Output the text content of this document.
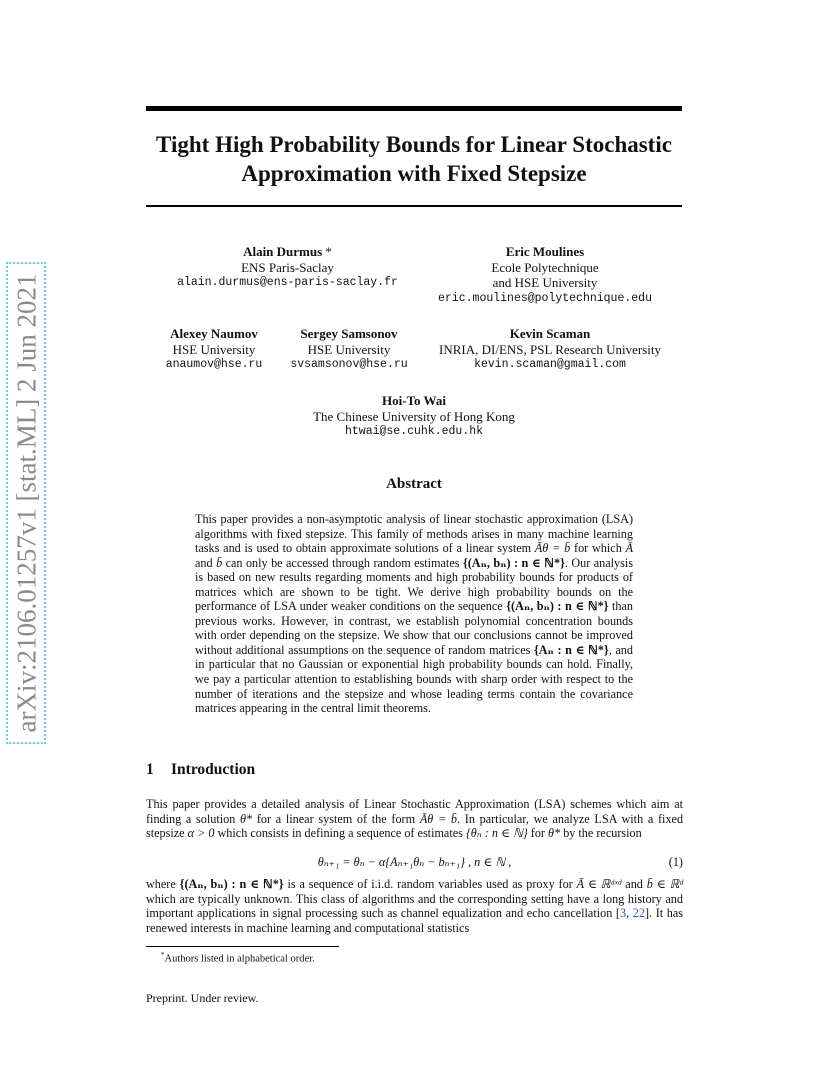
arXiv:2106.01257v1 [stat.ML] 2 Jun 2021
Tight High Probability Bounds for Linear Stochastic
Approximation with Fixed Stepsize
Alain Durmus *
ENS Paris-Saclay
alain.durmus@ens-paris-saclay.fr
Eric Moulines
Ecole Polytechnique
and HSE University
eric.moulines@polytechnique.edu
Alexey Naumov
HSE University
anaumov@hse.ru
Sergey Samsonov
HSE University
svsamsonov@hse.ru
Kevin Scaman
INRIA, DI/ENS, PSL Research University
kevin.scaman@gmail.com
Hoi-To Wai
The Chinese University of Hong Kong
htwai@se.cuhk.edu.hk
Abstract
This paper provides a non-asymptotic analysis of linear stochastic approximation (LSA) algorithms with fixed stepsize. This family of methods arises in many machine learning tasks and is used to obtain approximate solutions of a linear system Āθ = b̄ for which Ā and b̄ can only be accessed through random estimates {(Aₙ, bₙ) : n ∈ ℕ*}. Our analysis is based on new results regarding moments and high probability bounds for products of matrices which are shown to be tight. We derive high probability bounds on the performance of LSA under weaker conditions on the sequence {(Aₙ, bₙ) : n ∈ ℕ*} than previous works. However, in contrast, we establish polynomial concentration bounds with order depending on the stepsize. We show that our conclusions cannot be improved without additional assumptions on the sequence of random matrices {Aₙ : n ∈ ℕ*}, and in particular that no Gaussian or exponential high probability bounds can hold. Finally, we pay a particular attention to establishing bounds with sharp order with respect to the number of iterations and the stepsize and whose leading terms contain the covariance matrices appearing in the central limit theorems.
1 Introduction
This paper provides a detailed analysis of Linear Stochastic Approximation (LSA) schemes which aim at finding a solution θ* for a linear system of the form Āθ = b̄. In particular, we analyze LSA with a fixed stepsize α > 0 which consists in defining a sequence of estimates {θₙ : n ∈ ℕ} for θ* by the recursion
θₙ₊₁ = θₙ − α{Aₙ₊₁θₙ − bₙ₊₁} , n ∈ ℕ ,	(1)
where {(Aₙ, bₙ) : n ∈ ℕ*} is a sequence of i.i.d. random variables used as proxy for Ā ∈ ℝᵈˣᵈ and b̄ ∈ ℝᵈ which are typically unknown. This class of algorithms and the corresponding setting have a long history and important applications in signal processing such as channel equalization and echo cancellation [3, 22]. It has renewed interests in machine learning and computational statistics
*Authors listed in alphabetical order.
Preprint. Under review.
